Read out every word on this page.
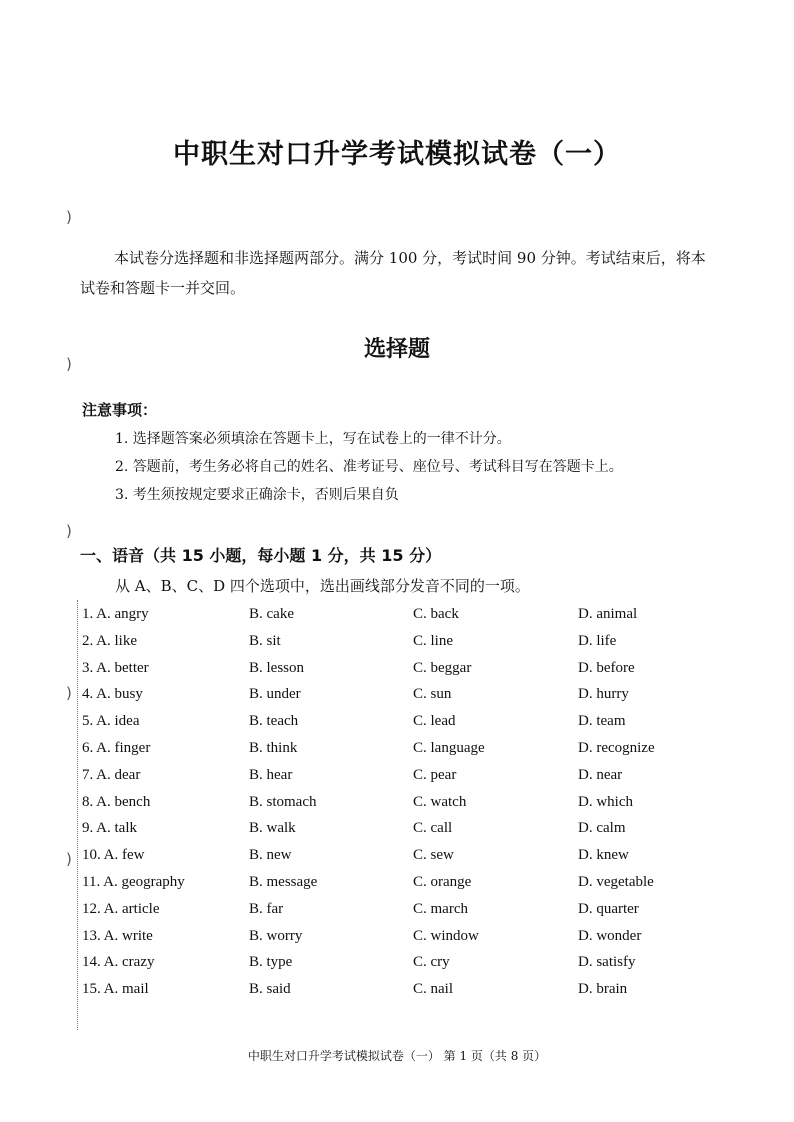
)
)
)
)
)
中职生对口升学考试模拟试卷（一）
本试卷分选择题和非选择题两部分。满分 100 分，考试时间 90 分钟。考试结束后，将本试卷和答题卡一并交回。
选择题
注意事项：
1. 选择题答案必须填涂在答题卡上，写在试卷上的一律不计分。
2. 答题前，考生务必将自己的姓名、准考证号、座位号、考试科目写在答题卡上。
3. 考生须按规定要求正确涂卡，否则后果自负
一、语音（共 15 小题，每小题 1 分，共 15 分）
从 A、B、C、D 四个选项中，选出画线部分发音不同的一项。
1. A. angry	B. cake	C. back	D. animal
2. A. like	B. sit	C. line	D. life
3. A. better	B. lesson	C. beggar	D. before
4. A. busy	B. under	C. sun	D. hurry
5. A. idea	B. teach	C. lead	D. team
6. A. finger	B. think	C. language	D. recognize
7. A. dear	B. hear	C. pear	D. near
8. A. bench	B. stomach	C. watch	D. which
9. A. talk	B. walk	C. call	D. calm
10. A. few	B. new	C. sew	D. knew
11. A. geography	B. message	C. orange	D. vegetable
12. A. article	B. far	C. march	D. quarter
13. A. write	B. worry	C. window	D. wonder
14. A. crazy	B. type	C. cry	D. satisfy
15. A. mail	B. said	C. nail	D. brain
中职生对口升学考试模拟试卷（一） 第 1 页（共 8 页）
